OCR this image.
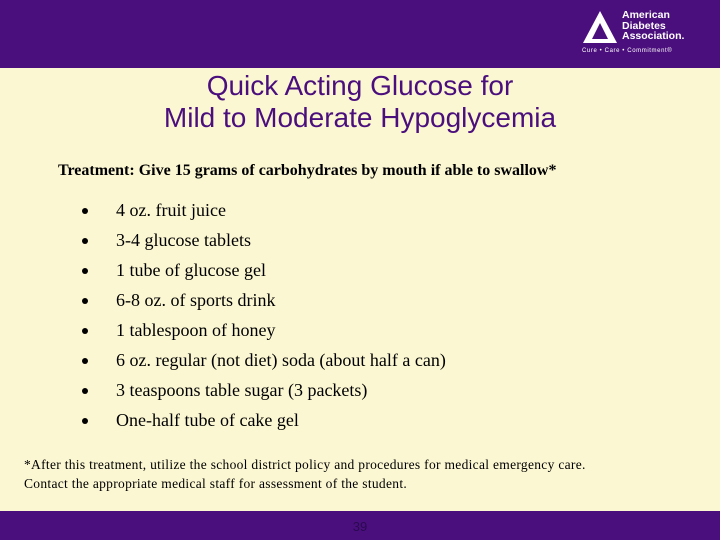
American
Diabetes
Association.
Cure • Care • Commitment®
Quick Acting Glucose for
Mild to Moderate Hypoglycemia
Treatment: Give 15 grams of carbohydrates by mouth if able to swallow*
4 oz. fruit juice
3-4 glucose tablets
1 tube of glucose gel
6-8 oz. of sports drink
1 tablespoon of honey
6 oz. regular (not diet) soda (about half a can)
3 teaspoons table sugar (3 packets)
One-half tube of cake gel
*After this treatment, utilize the school district policy and procedures for medical emergency care.
Contact the appropriate medical staff for assessment of the student.
39
